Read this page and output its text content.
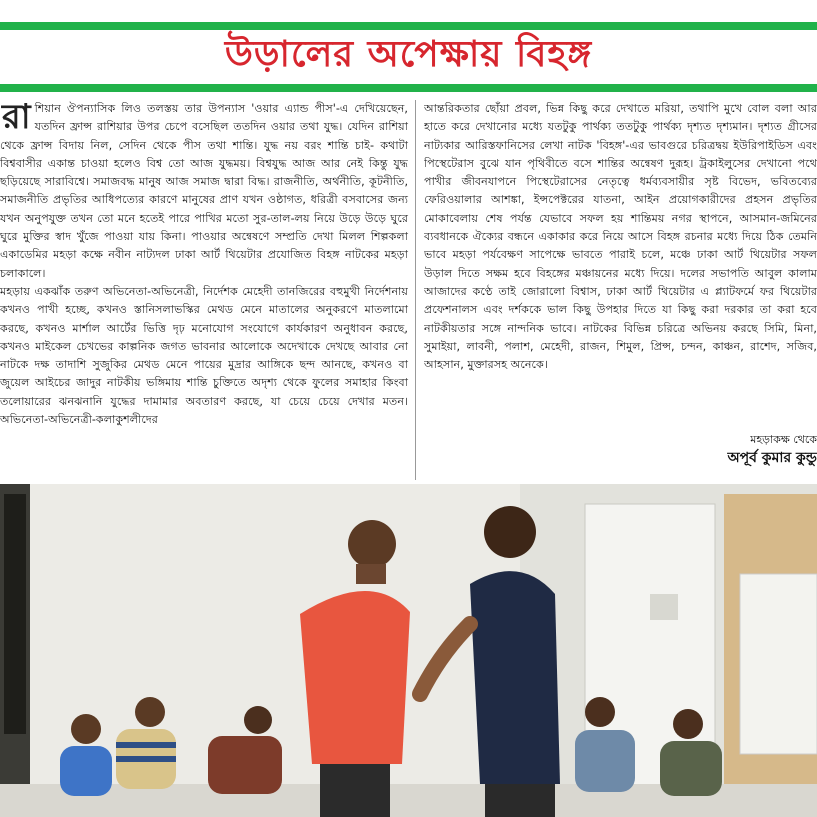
উড়ালের অপেক্ষায় বিহঙ্গ

রাশিয়ান ঔপন্যাসিক লিও তলস্তয় তার উপন্যাস 'ওয়ার এ্যান্ড পীস'-এ দেখিয়েছেন, যতদিন ফ্রান্স রাশিয়ার উপর চেপে বসেছিল ততদিন ওয়ার তথা যুদ্ধ। যেদিন রাশিয়া থেকে ফ্রান্স বিদায় নিল, সেদিন থেকে পীস তথা শান্তি। যুদ্ধ নয় বরং শান্তি চাই- কথাটা বিশ্ববাসীর একান্ত চাওয়া হলেও বিশ্ব তো আজ যুদ্ধময়। বিশ্বযুদ্ধ আজ আর নেই কিন্তু যুদ্ধ ছড়িয়েছে সারাবিশ্বে। সমাজবদ্ধ মানুষ আজ সমাজ দ্বারা বিদ্ধ। রাজনীতি, অর্থনীতি, কূটনীতি, সমাজনীতি প্রভৃতির আধিপত্যের কারণে মানুষের প্রাণ যখন ওষ্ঠাগত, ধরিত্রী বসবাসের জন্য যখন অনুপযুক্ত তখন তো মনে হতেই পারে পাখির মতো সুর-তাল-লয় নিয়ে উড়ে উড়ে ঘুরে ঘুরে মুক্তির স্বাদ খুঁজে পাওয়া যায় কিনা। পাওয়ার অন্বেষণে সম্প্রতি দেখা মিলল শিল্পকলা একাডেমির মহড়া কক্ষে নবীন নাট্যদল ঢাকা আর্ট থিয়েটার প্রযোজিত বিহঙ্গ নাটকের মহড়া চলাকালে।

মহড়ায় একঝাঁক তরুণ অভিনেতা-অভিনেত্রী, নির্দেশক মেহেদী তানজিরের বহুমুখী নির্দেশনায় কখনও পাখী হচ্ছে, কখনও স্তানিসলাভস্কির মেথড মেনে মাতালের অনুকরণে মাতলামো করছে, কখনও মার্শাল আর্টের ভিত্তি দৃঢ় মনোযোগ সংযোগে কার্যকারণ অনুধাবন করছে, কখনও মাইকেল চেখভের কাল্পনিক জগত ভাবনার আলোকে অদেখাকে দেখছে আবার নো নাটকে দক্ষ তাদাশি সুজুকির মেথড মেনে পায়ের মুদ্রার আঙ্গিকে ছন্দ আনছে, কখনও বা জুয়েল আইচের জাদুর নাটকীয় ভঙ্গিমায় শান্তি চুক্তিতে অদৃশ্য থেকে ফুলের সমাহার কিংবা তলোয়ারের ঝনঝনানি যুদ্ধের দামামার অবতারণ করছে, যা চেয়ে চেয়ে দেখার মতন। অভিনেতা-অভিনেত্রী-কলাকুশলীদের

আন্তরিকতার ছোঁয়া প্রবল, ভিন্ন কিছু করে দেখাতে মরিয়া, তথাপি মুখে বোল বলা আর হাতে করে দেখানোর মধ্যে যতটুকু পার্থক্য ততটুকু পার্থক্য দৃশ্যত দৃশ্যমান। দৃশ্যত গ্রীসের নাট্যকার আরিস্তফানিসের লেখা নাটক 'বিহঙ্গ'-এর ভাবগুরে চরিত্রদ্বয় ইউরিপাইডিস এবং পিস্থেটেরাস বুঝে যান পৃথিবীতে বসে শান্তির অন্বেষণ দুরূহ। ট্রকাইলুসের দেখানো পথে পাখীর জীবনযাপনে পিস্থেটেরাসের নেতৃত্বে ধর্মব্যবসায়ীর সৃষ্ট বিভেদ, ভবিতব্যের ফেরিওয়ালার আশঙ্কা, ইন্সপেক্টরের যাতনা, আইন প্রয়োগকারীদের প্রহসন প্রভৃতির মোকাবেলায় শেষ পর্যন্ত যেভাবে সফল হয় শান্তিময় নগর স্থাপনে, আসমান-জমিনের ব্যবধানকে ঐক্যের বন্ধনে একাকার করে নিয়ে আসে বিহঙ্গ রচনার মধ্যে দিয়ে ঠিক তেমনি ভাবে মহড়া পর্যবেক্ষণ সাপেক্ষে ভাবতে পারাই চলে, মঞ্চে ঢাকা আর্ট থিয়েটার সফল উড়াল দিতে সক্ষম হবে বিহঙ্গের মঞ্চায়নের মধ্যে দিয়ে। দলের সভাপতি আবুল কালাম আজাদের কণ্ঠে তাই জোরালো বিশ্বাস, ঢাকা আর্ট থিয়েটার এ প্ল্যাটফর্মে ফর থিয়েটার প্রফেশনালস এবং দর্শককে ভাল কিছু উপহার দিতে যা কিছু করা দরকার তা করা হবে নাটকীয়তার সঙ্গে নান্দনিক ভাবে। নাটকের বিভিন্ন চরিত্রে অভিনয় করছে সিমি, মিনা, সুমাইয়া, লাবনী, পলাশ, মেহেদী, রাজন, শিমুল, প্রিন্স, চন্দন, কাঞ্চন, রাশেদ, সজিব, আহসান, মুক্তারসহ অনেকে।

মহড়াকক্ষ থেকে
অপূর্ব কুমার কুন্ডু
